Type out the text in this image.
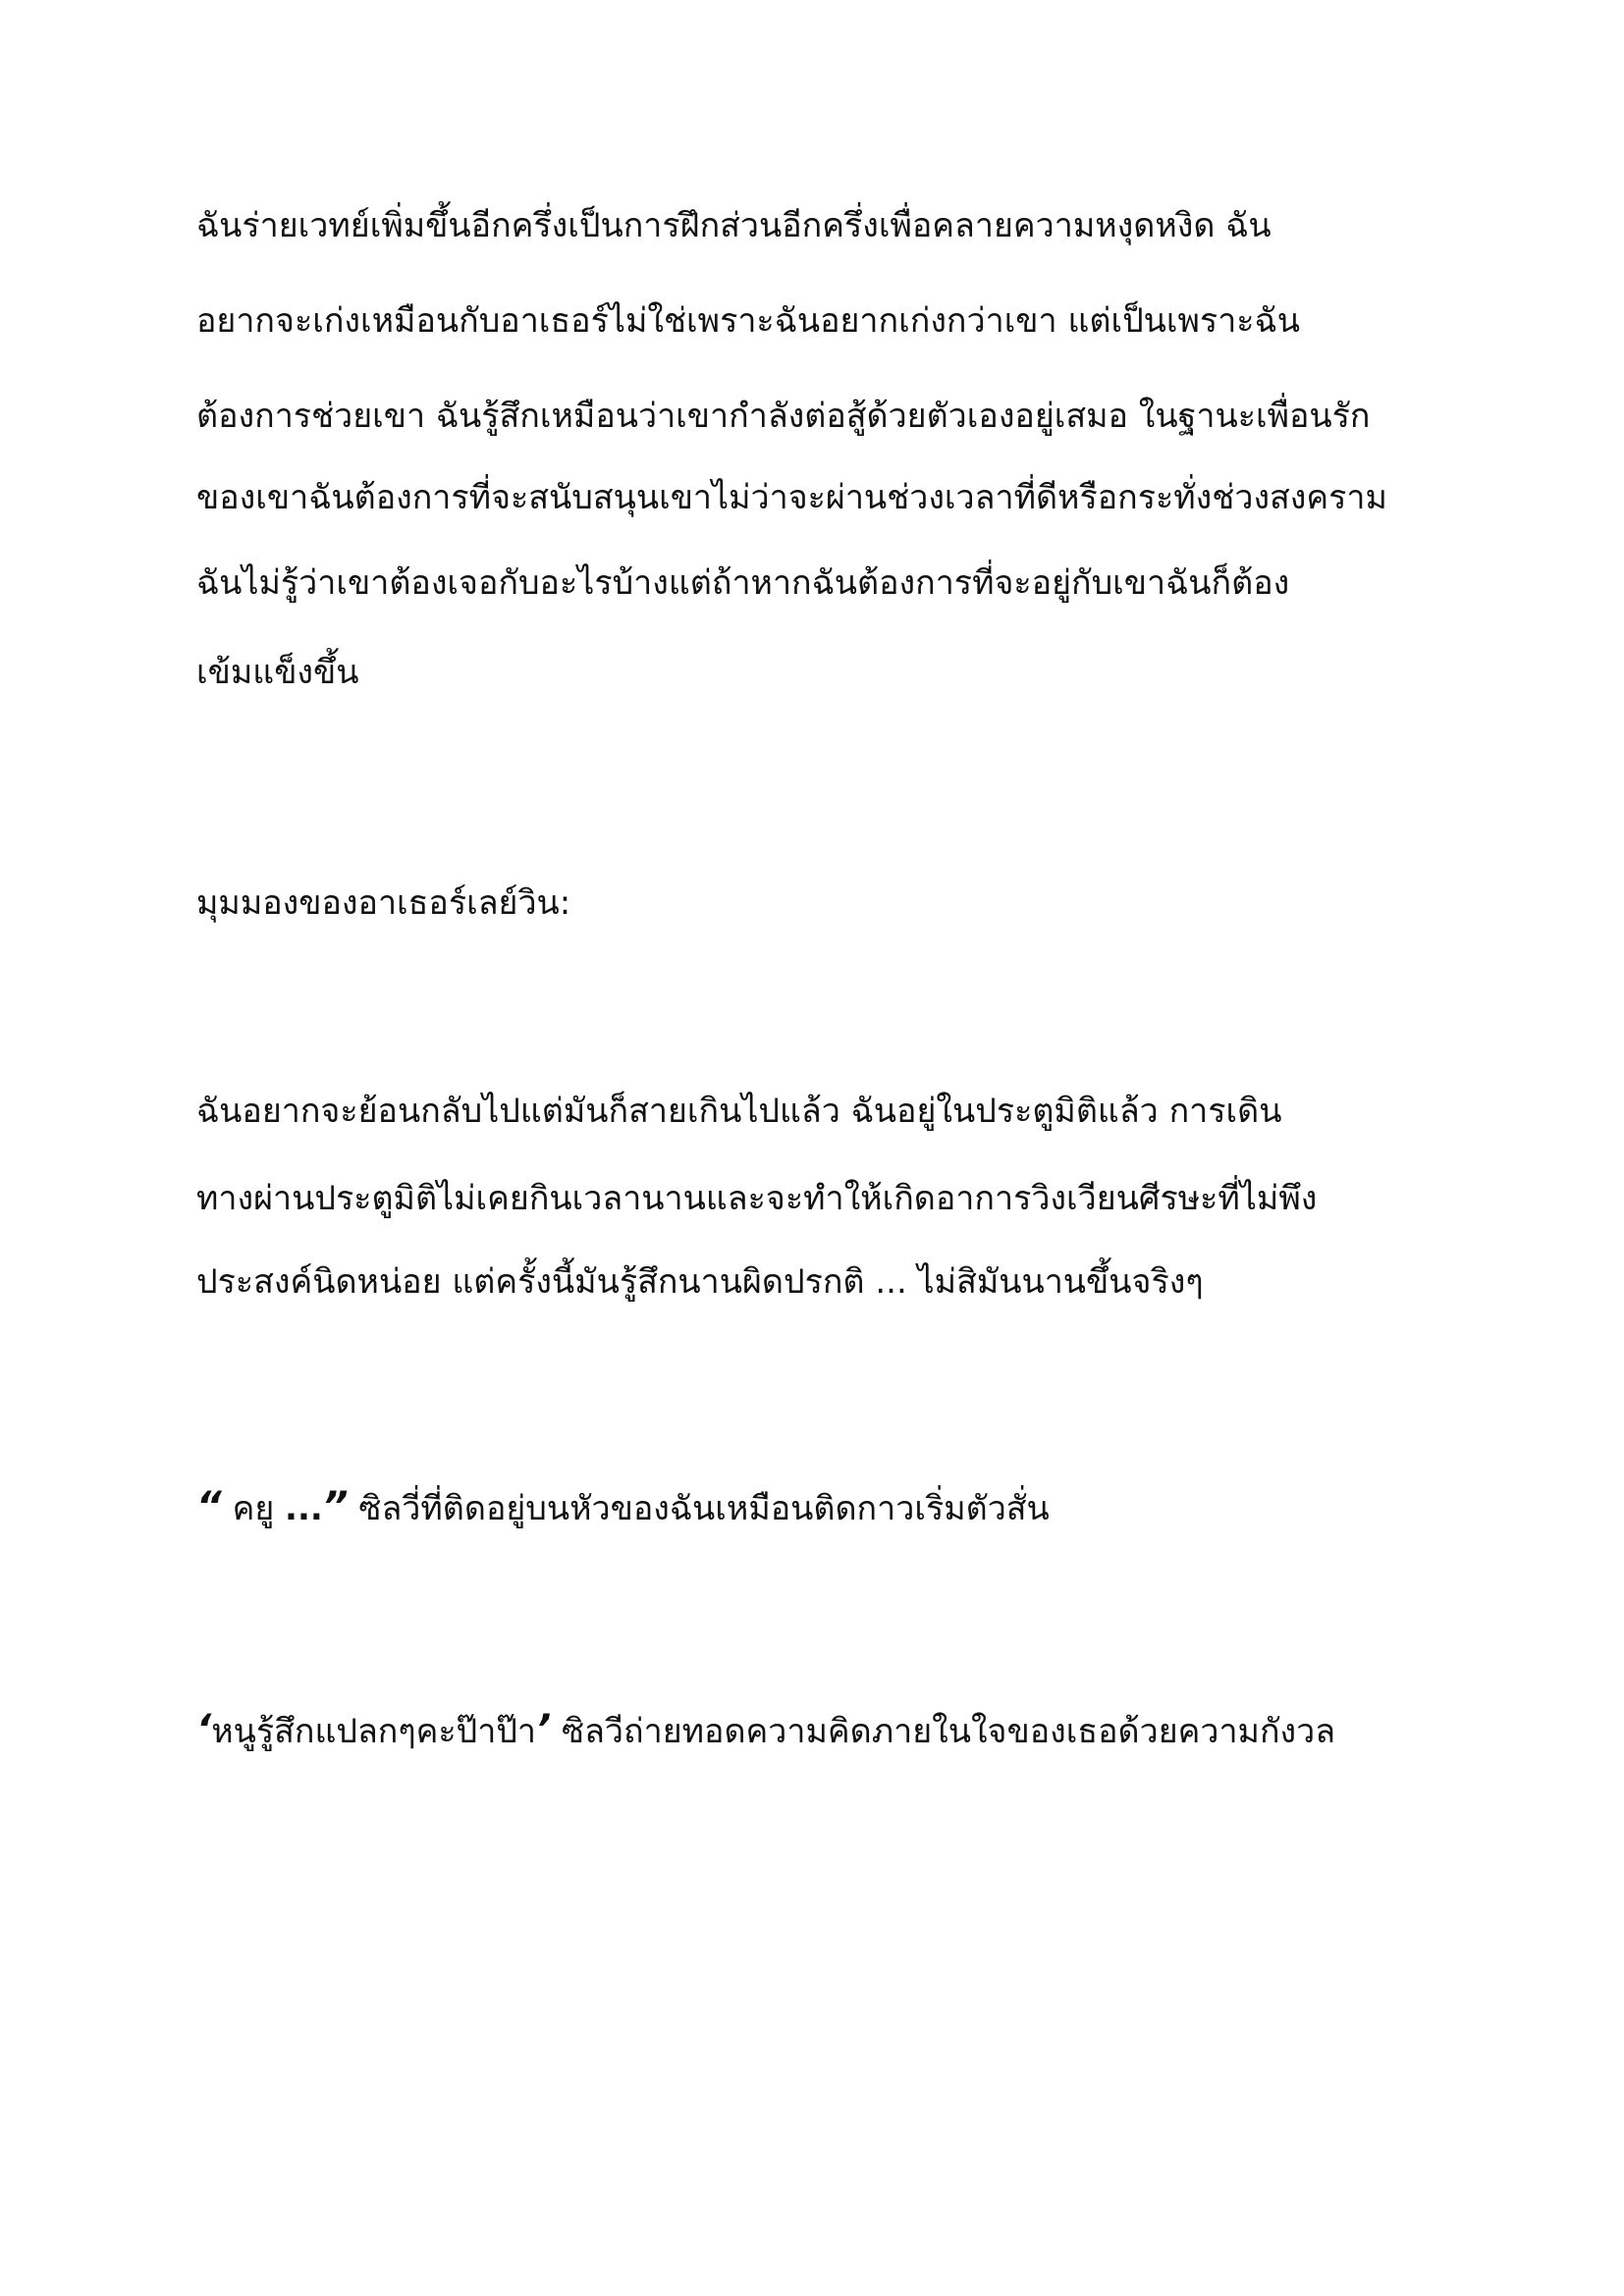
ฉันร่ายเวทย์เพิ่มขึ้นอีกครึ่งเป็นการฝึกส่วนอีกครึ่งเพื่อคลายความหงุดหงิด ฉัน

อยากจะเก่งเหมือนกับอาเธอร์ไม่ใช่เพราะฉันอยากเก่งกว่าเขา แต่เป็นเพราะฉัน

ต้องการช่วยเขา ฉันรู้สึกเหมือนว่าเขากำลังต่อสู้ด้วยตัวเองอยู่เสมอ ในฐานะเพื่อนรัก

ของเขาฉันต้องการที่จะสนับสนุนเขาไม่ว่าจะผ่านช่วงเวลาที่ดีหรือกระทั่งช่วงสงคราม

ฉันไม่รู้ว่าเขาต้องเจอกับอะไรบ้างแต่ถ้าหากฉันต้องการที่จะอยู่กับเขาฉันก็ต้อง

เข้มแข็งขึ้น

มุมมองของอาเธอร์เลย์วิน:

ฉันอยากจะย้อนกลับไปแต่มันก็สายเกินไปแล้ว ฉันอยู่ในประตูมิติแล้ว การเดิน

ทางผ่านประตูมิติไม่เคยกินเวลานานและจะทำให้เกิดอาการวิงเวียนศีรษะที่ไม่พึง

ประสงค์นิดหน่อย แต่ครั้งนี้มันรู้สึกนานผิดปรกติ ... ไม่สิมันนานขึ้นจริงๆ

“ คยู ...” ซิลวี่ที่ติดอยู่บนหัวของฉันเหมือนติดกาวเริ่มตัวสั่น

‘หนูรู้สึกแปลกๆคะป๊าป๊า’ ซิลวีถ่ายทอดความคิดภายในใจของเธอด้วยความกังวล
